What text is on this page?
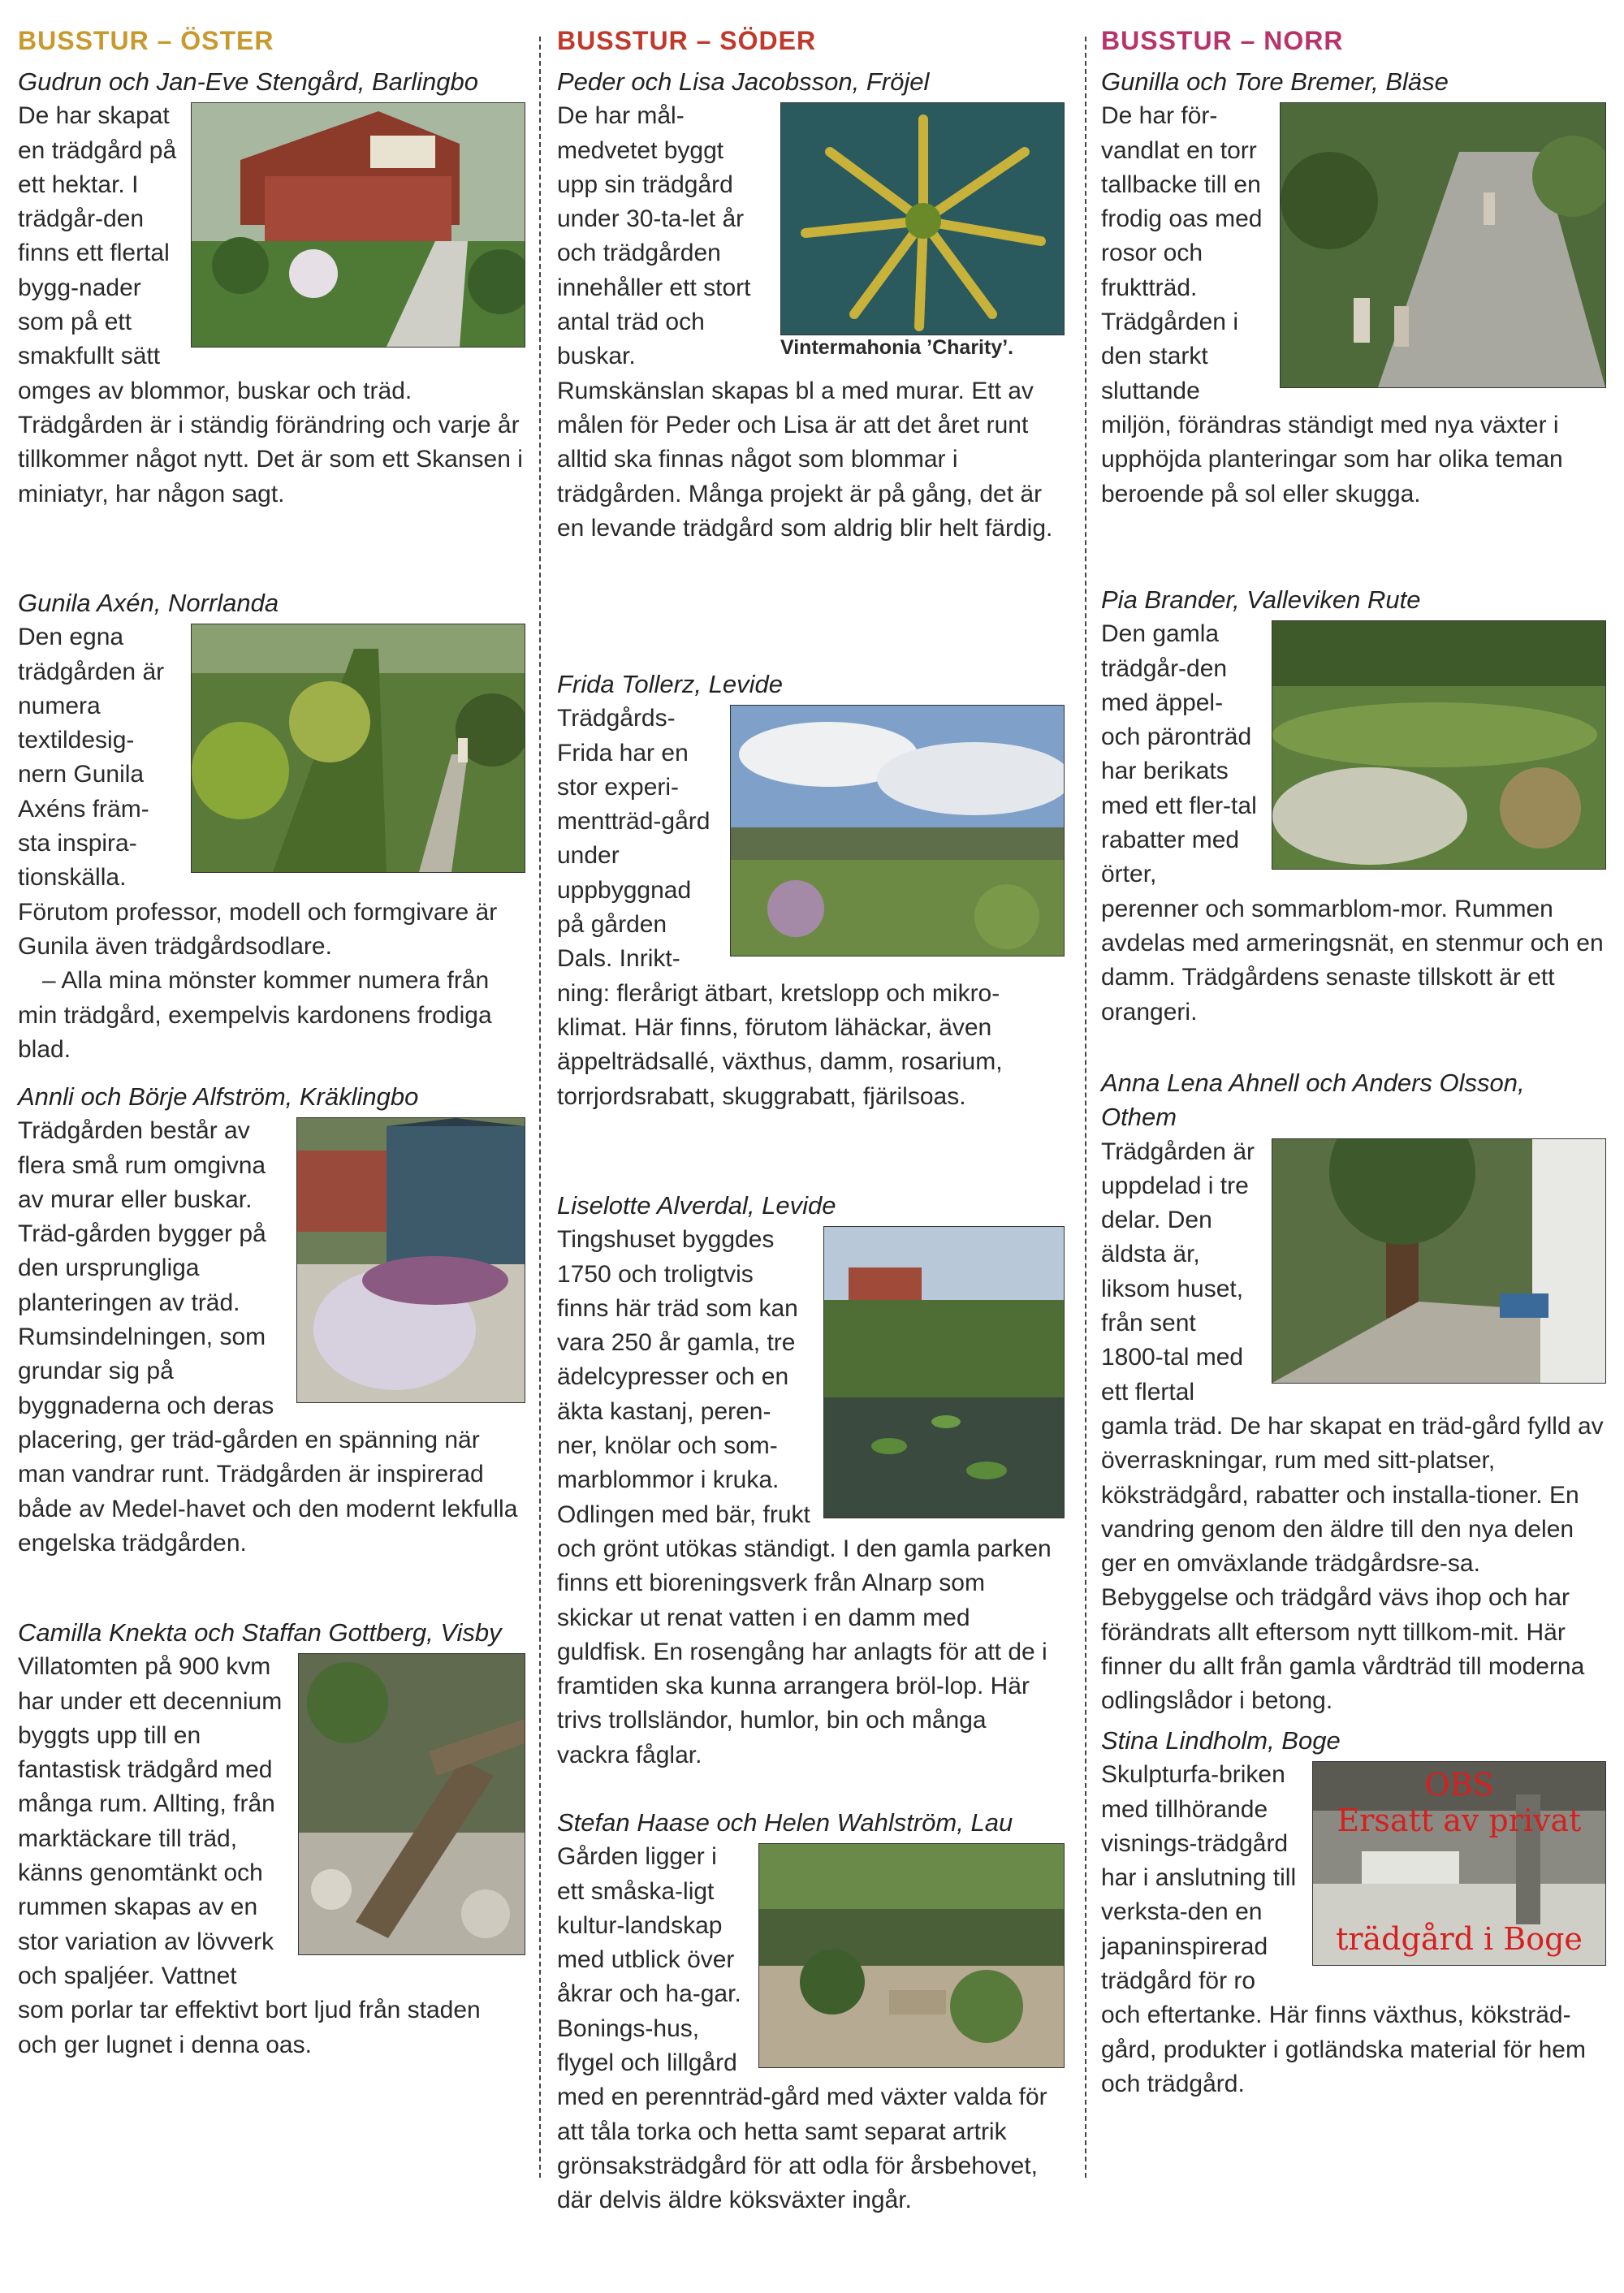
BUSSTUR – ÖSTER
Gudrun och Jan-Eve Stengård, Barlingbo

De har skapat en trädgård på ett hektar. I trädgår-den finns ett flertal bygg-nader som på ett smakfullt sätt omges av blommor, buskar och träd. Trädgården är i ständig förändring och varje år tillkommer något nytt. Det är som ett Skansen i miniatyr, har någon sagt.

Gunila Axén, Norrlanda

Den egna trädgården är numera textildesig-nern Gunila Axéns främ-sta inspira-tionskälla. Förutom professor, modell och formgivare är Gunila även trädgårdsodlare.

– Alla mina mönster kommer numera från min trädgård, exempelvis kardonens frodiga blad.

Annli och Börje Alfström, Kräklingbo

Trädgården består av flera små rum omgivna av murar eller buskar. Träd-gården bygger på den ursprungliga planteringen av träd. Rumsindelningen, som grundar sig på byggnaderna och deras placering, ger träd-gården en spänning när man vandrar runt. Trädgården är inspirerad både av Medel-havet och den modernt lekfulla engelska trädgården.

Camilla Knekta och Staffan Gottberg, Visby

Villatomten på 900 kvm har under ett decennium byggts upp till en fantastisk trädgård med många rum. Allting, från marktäckare till träd, känns genomtänkt och rummen skapas av en stor variation av lövverk och spaljéer. Vattnet som porlar tar effektivt bort ljud från staden och ger lugnet i denna oas.

BUSSTUR – SÖDER
Peder och Lisa Jacobsson, Fröjel
Vintermahonia ’Charity’.

De har mål-medvetet byggt upp sin trädgård under 30-ta-let år och trädgården innehåller ett stort antal träd och buskar. Rumskänslan skapas bl a med murar. Ett av målen för Peder och Lisa är att det året runt alltid ska finnas något som blommar i trädgården. Många projekt är på gång, det är en levande trädgård som aldrig blir helt färdig.

Frida Tollerz, Levide

Trädgårds-Frida har en stor experi-mentträd-gård under uppbyggnad på gården Dals. Inrikt-ning: flerårigt ätbart, kretslopp och mikro-klimat. Här finns, förutom lähäckar, även äppelträdsallé, växthus, damm, rosarium, torrjordsrabatt, skuggrabatt, fjärilsoas.

Liselotte Alverdal, Levide

Tingshuset byggdes 1750 och troligtvis finns här träd som kan vara 250 år gamla, tre ädelcypresser och en äkta kastanj, peren-ner, knölar och som-marblommor i kruka. Odlingen med bär, frukt och grönt utökas ständigt. I den gamla parken finns ett bioreningsverk från Alnarp som skickar ut renat vatten i en damm med guldfisk. En rosengång har anlagts för att de i framtiden ska kunna arrangera bröl-lop. Här trivs trollsländor, humlor, bin och många vackra fåglar.

Stefan Haase och Helen Wahlström, Lau

Gården ligger i ett småska-ligt kultur-landskap med utblick över åkrar och ha-gar. Bonings-hus, flygel och lillgård med en perennträd-gård med växter valda för att tåla torka och hetta samt separat artrik grönsaksträdgård för att odla för årsbehovet, där delvis äldre köksväxter ingår.

BUSSTUR – NORR
Gunilla och Tore Bremer, Bläse

De har för-vandlat en torr tallbacke till en frodig oas med rosor och fruktträd. Trädgården i den starkt sluttande miljön, förändras ständigt med nya växter i upphöjda planteringar som har olika teman beroende på sol eller skugga.

Pia Brander, Valleviken Rute

Den gamla trädgår-den med äppel- och päronträd har berikats med ett fler-tal rabatter med örter, perenner och sommarblom-mor. Rummen avdelas med armeringsnät, en stenmur och en damm. Trädgårdens senaste tillskott är ett orangeri.

Anna Lena Ahnell och Anders Olsson, Othem

Trädgården är uppdelad i tre delar. Den äldsta är, liksom huset, från sent 1800-tal med ett flertal gamla träd. De har skapat en träd-gård fylld av överraskningar, rum med sitt-platser, köksträdgård, rabatter och installa-tioner. En vandring genom den äldre till den nya delen ger en omväxlande trädgårdsre-sa. Bebyggelse och trädgård vävs ihop och har förändrats allt eftersom nytt tillkom-mit. Här finner du allt från gamla vårdträd till moderna odlingslådor i betong.

Stina Lindholm, Boge
OBS
Ersatt av privat
trädgård i Boge

Skulpturfa-briken med tillhörande visnings-trädgård har i anslutning till verksta-den en japaninspirerad trädgård för ro och eftertanke. Här finns växthus, köksträd-gård, produkter i gotländska material för hem och trädgård.
